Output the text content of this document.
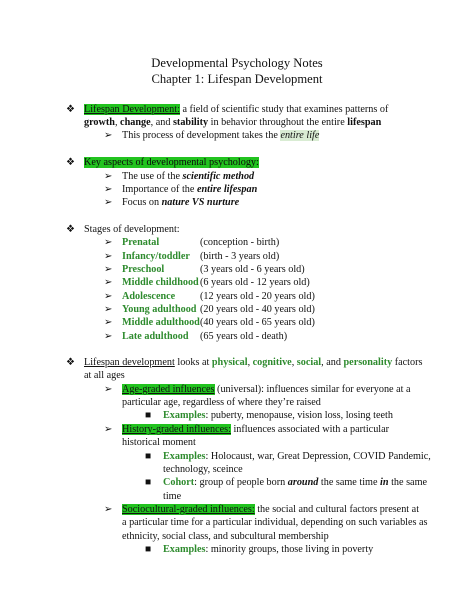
Developmental Psychology Notes
Chapter 1: Lifespan Development
❖ Lifespan Development: a field of scientific study that examines patterns of
growth, change, and stability in behavior throughout the entire lifespan
➢ This process of development takes the entire life
❖ Key aspects of developmental psychology:
➢ The use of the scientific method
➢ Importance of the entire lifespan
➢ Focus on nature VS nurture
❖ Stages of development:
➢ Prenatal	(conception - birth)
➢ Infancy/toddler (birth - 3 years old)
➢ Preschool	(3 years old - 6 years old)
➢ Middle childhood(6 years old - 12 years old)
➢ Adolescence (12 years old - 20 years old)
➢ Young adulthood (20 years old - 40 years old)
➢ Middle adulthood(40 years old - 65 years old)
➢ Late adulthood (65 years old - death)
❖ Lifespan development looks at physical, cognitive, social, and personality factors
at all ages
➢ Age-graded influences (universal): influences similar for everyone at a
particular age, regardless of where they’re raised
■ Examples: puberty, menopause, vision loss, losing teeth
➢ History-graded influences: influences associated with a particular
historical moment
■ Examples: Holocaust, war, Great Depression, COVID Pandemic,
technology, sceince
■ Cohort: group of people born around the same time in the same
time
➢ Sociocultural-graded influences: the social and cultural factors present at
a particular time for a particular individual, depending on such variables as
ethnicity, social class, and subcultural membership
■ Examples: minority groups, those living in poverty
